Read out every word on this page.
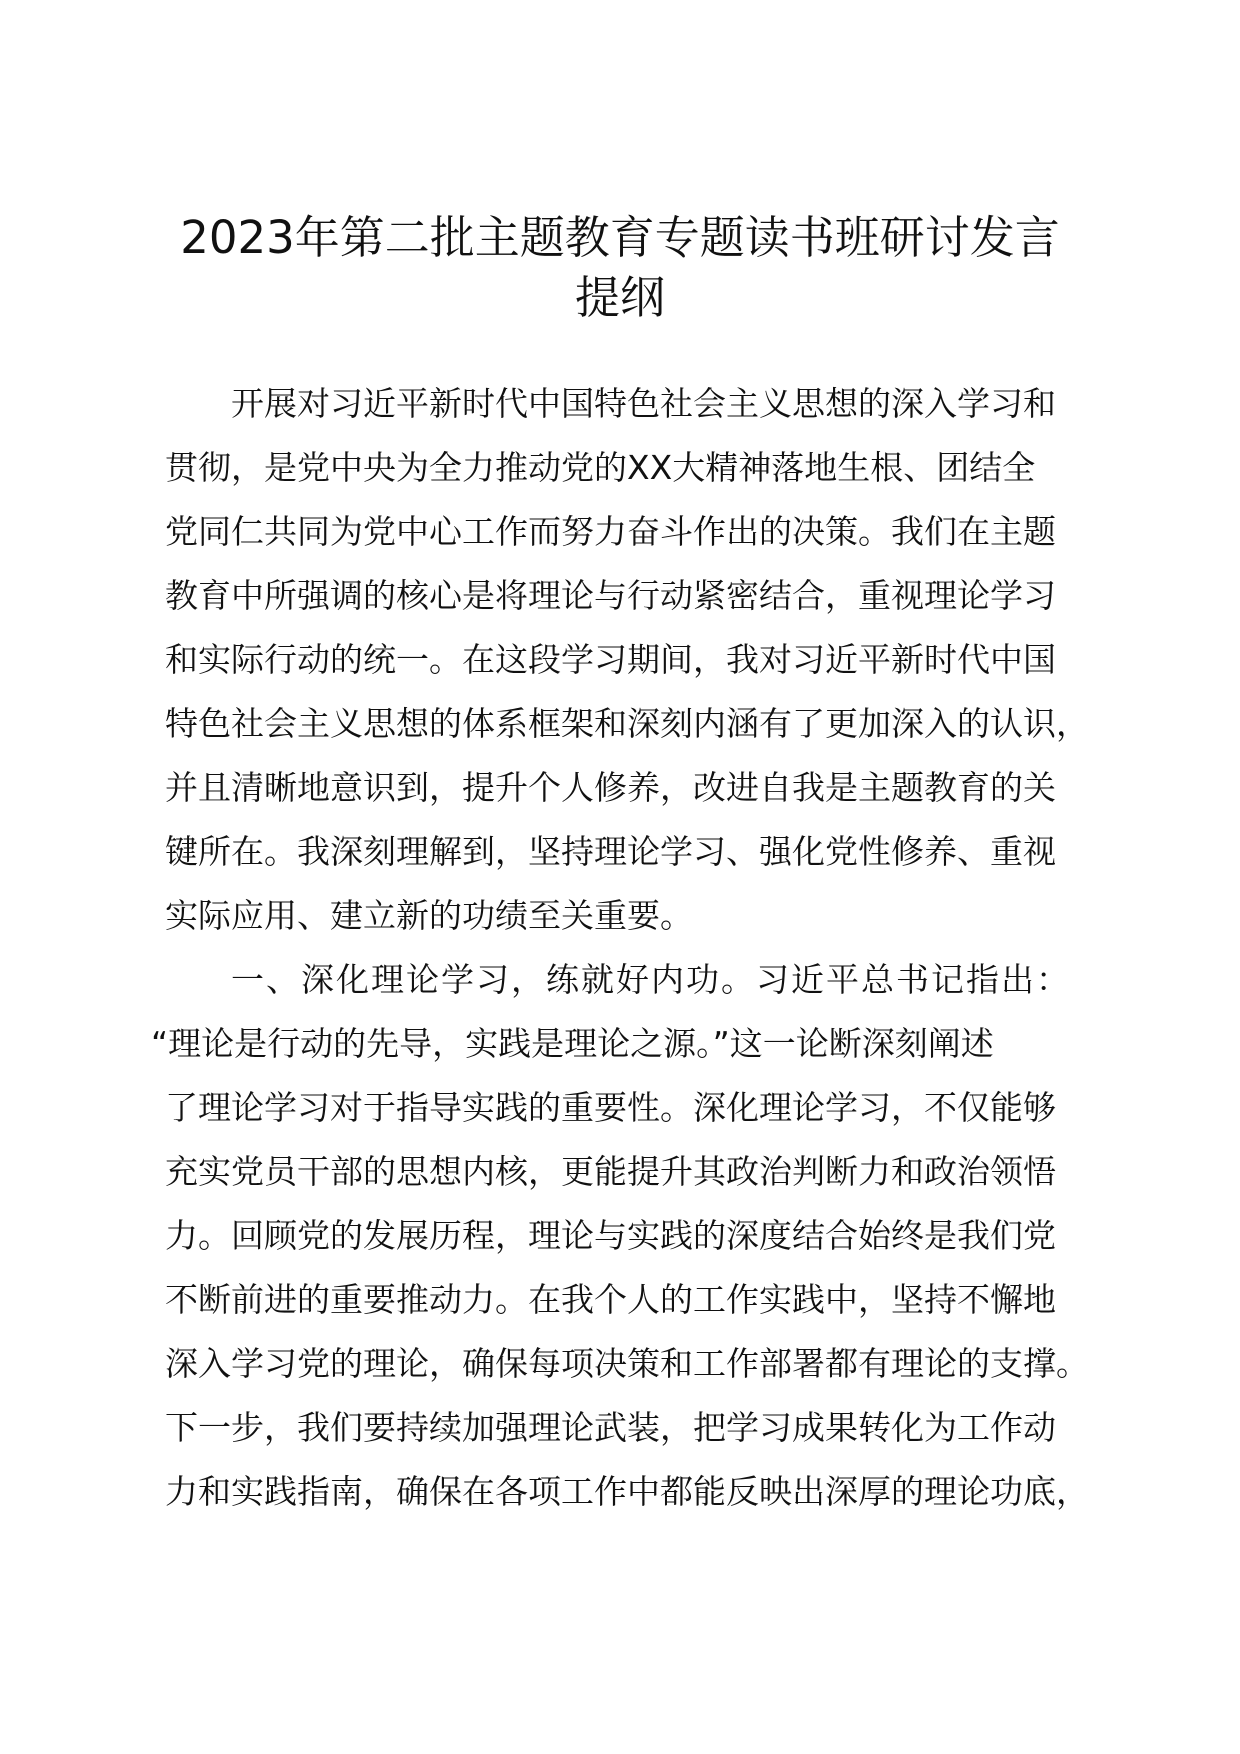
2023年第二批主题教育专题读书班研讨发言
提纲
开展对习近平新时代中国特色社会主义思想的深入学习和
贯彻，是党中央为全力推动党的XX大精神落地生根、团结全
党同仁共同为党中心工作而努力奋斗作出的决策。我们在主题
教育中所强调的核心是将理论与行动紧密结合，重视理论学习
和实际行动的统一。在这段学习期间，我对习近平新时代中国
特色社会主义思想的体系框架和深刻内涵有了更加深入的认识，
并且清晰地意识到，提升个人修养，改进自我是主题教育的关
键所在。我深刻理解到，坚持理论学习、强化党性修养、重视
实际应用、建立新的功绩至关重要。
一、深化理论学习，练就好内功。习近平总书记指出：
“理论是行动的先导，实践是理论之源。”这一论断深刻阐述
了理论学习对于指导实践的重要性。深化理论学习，不仅能够
充实党员干部的思想内核，更能提升其政治判断力和政治领悟
力。回顾党的发展历程，理论与实践的深度结合始终是我们党
不断前进的重要推动力。在我个人的工作实践中，坚持不懈地
深入学习党的理论，确保每项决策和工作部署都有理论的支撑。
下一步，我们要持续加强理论武装，把学习成果转化为工作动
力和实践指南，确保在各项工作中都能反映出深厚的理论功底，
